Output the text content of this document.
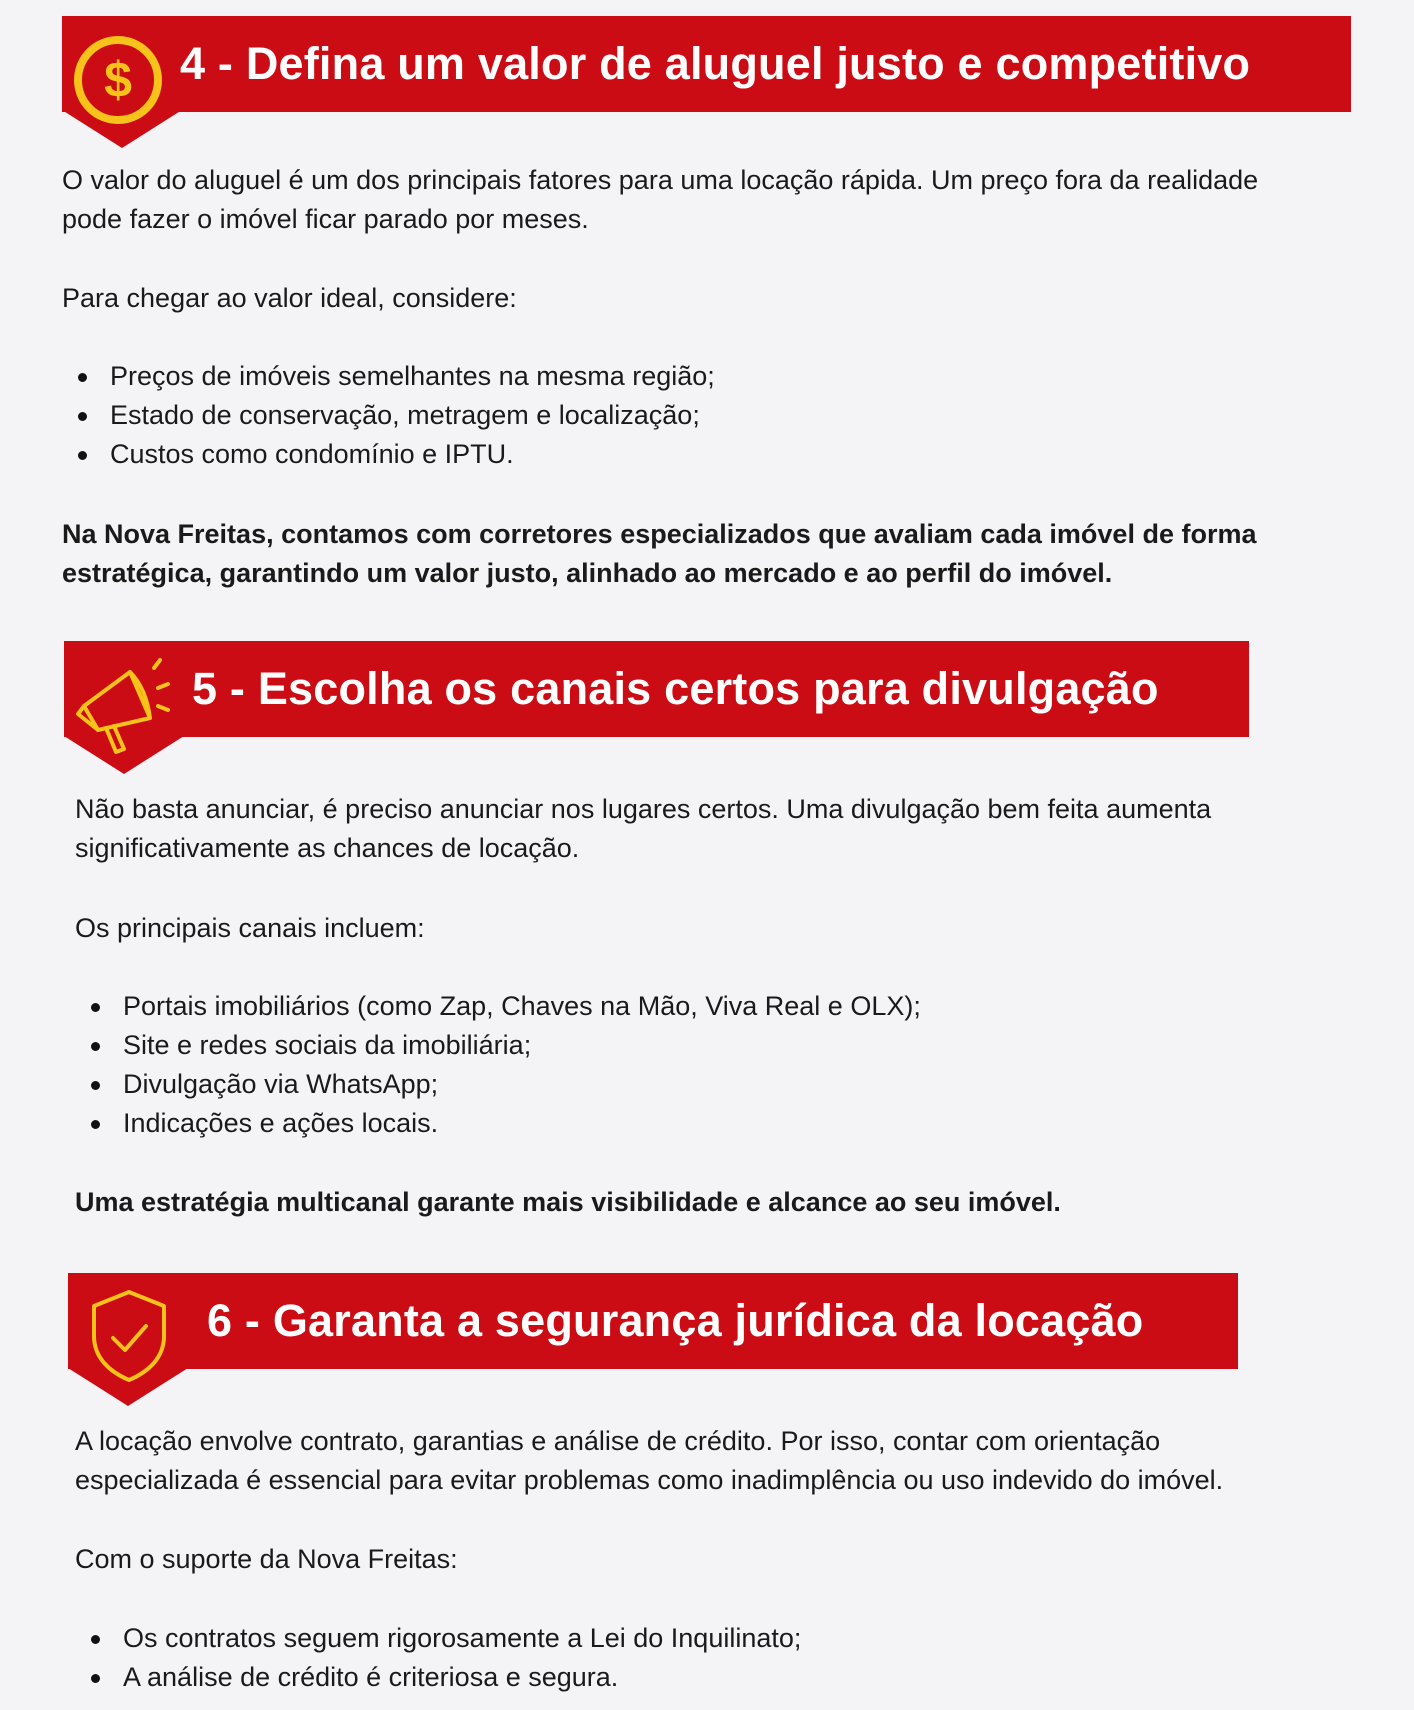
$ 4 - Defina um valor de aluguel justo e competitivo

O valor do aluguel é um dos principais fatores para uma locação rápida. Um preço fora da realidade

pode fazer o imóvel ficar parado por meses.

Para chegar ao valor ideal, considere:

Preços de imóveis semelhantes na mesma região;
Estado de conservação, metragem e localização;
Custos como condomínio e IPTU.

Na Nova Freitas, contamos com corretores especializados que avaliam cada imóvel de forma

estratégica, garantindo um valor justo, alinhado ao mercado e ao perfil do imóvel.

5 - Escolha os canais certos para divulgação

Não basta anunciar, é preciso anunciar nos lugares certos. Uma divulgação bem feita aumenta

significativamente as chances de locação.

Os principais canais incluem:

Portais imobiliários (como Zap, Chaves na Mão, Viva Real e OLX);
Site e redes sociais da imobiliária;
Divulgação via WhatsApp;
Indicações e ações locais.

Uma estratégia multicanal garante mais visibilidade e alcance ao seu imóvel.

6 - Garanta a segurança jurídica da locação

A locação envolve contrato, garantias e análise de crédito. Por isso, contar com orientação

especializada é essencial para evitar problemas como inadimplência ou uso indevido do imóvel.

Com o suporte da Nova Freitas:

Os contratos seguem rigorosamente a Lei do Inquilinato;
A análise de crédito é criteriosa e segura.
